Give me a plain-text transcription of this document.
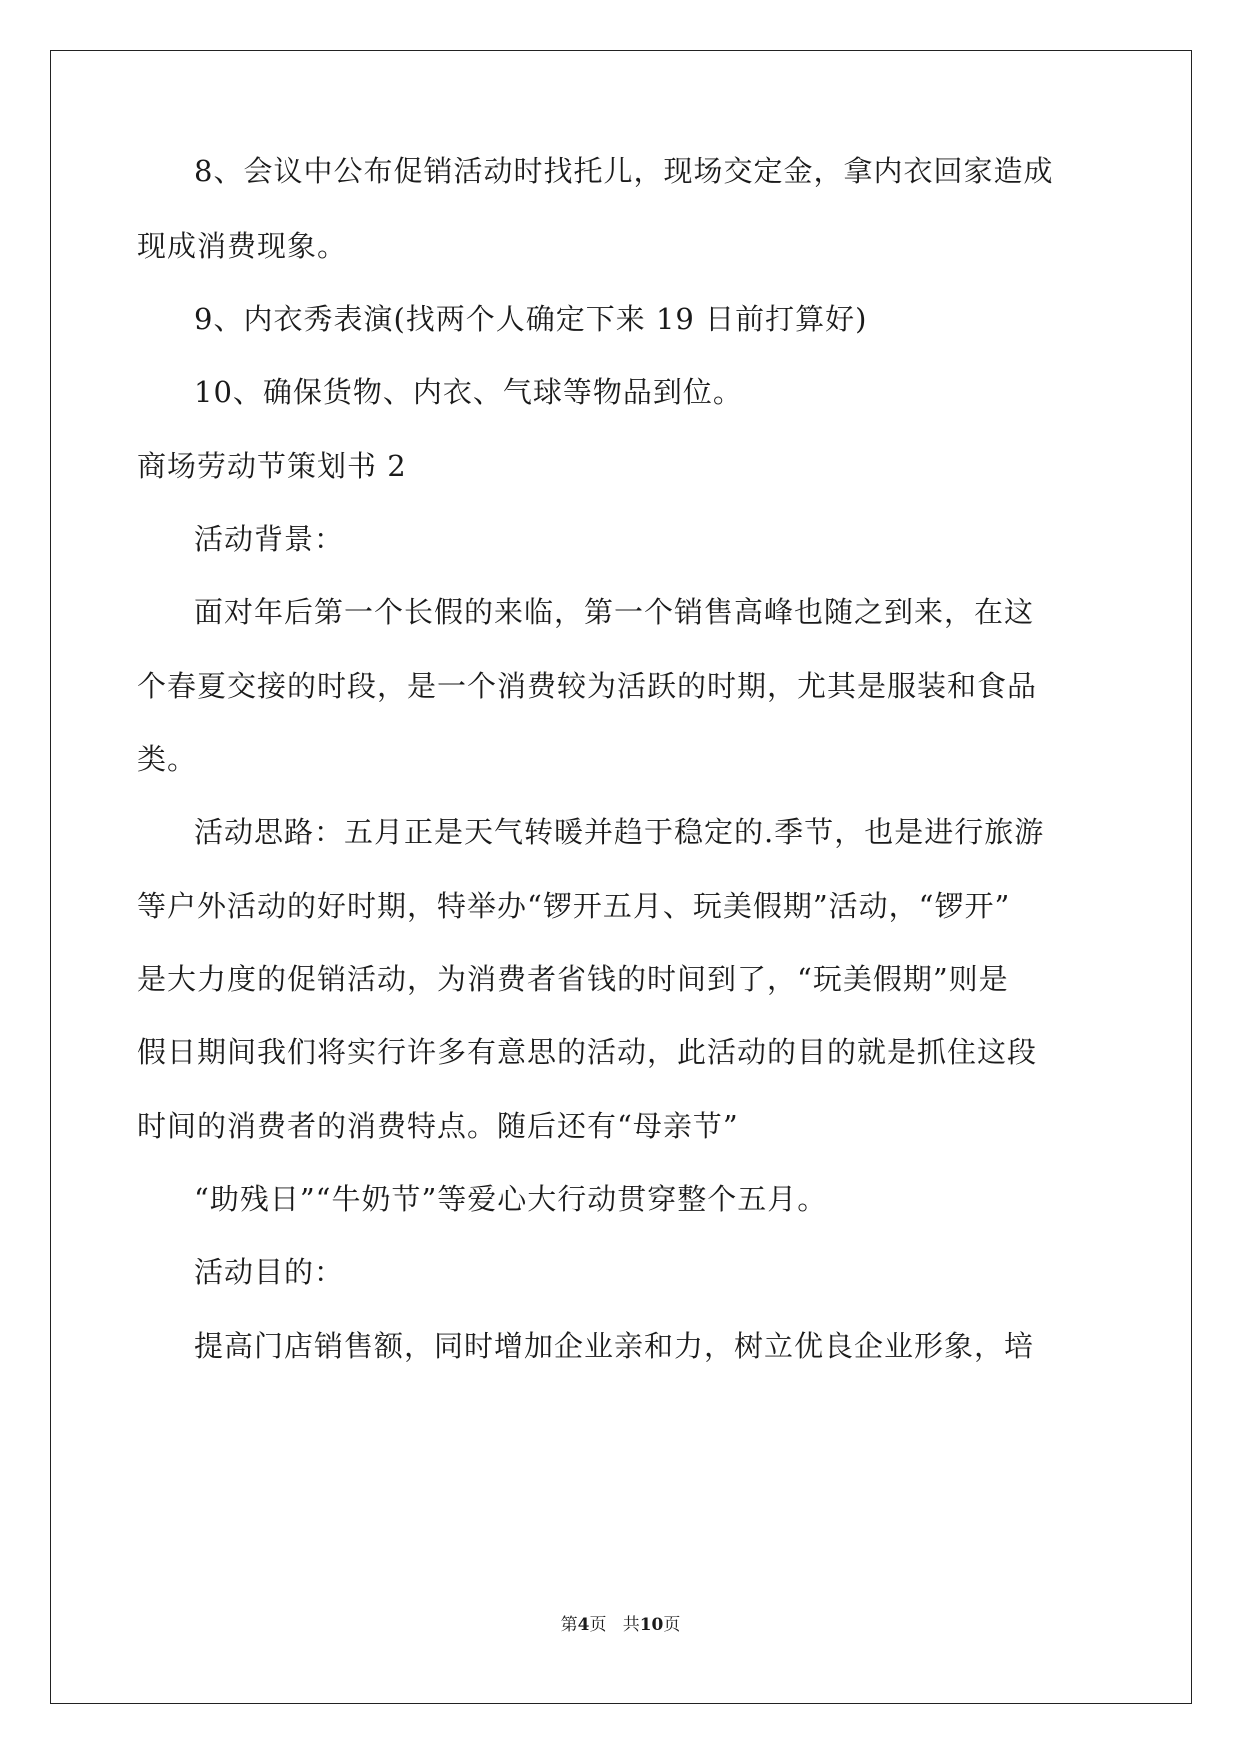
8、会议中公布促销活动时找托儿，现场交定金，拿内衣回家造成
现成消费现象。
9、内衣秀表演(找两个人确定下来 19 日前打算好)
10、确保货物、内衣、气球等物品到位。
商场劳动节策划书 2
活动背景：
面对年后第一个长假的来临，第一个销售高峰也随之到来，在这
个春夏交接的时段，是一个消费较为活跃的时期，尤其是服装和食品
类。
活动思路：五月正是天气转暖并趋于稳定的.季节，也是进行旅游
等户外活动的好时期，特举办“锣开五月、玩美假期”活动，“锣开”
是大力度的促销活动，为消费者省钱的时间到了，“玩美假期”则是
假日期间我们将实行许多有意思的活动，此活动的目的就是抓住这段
时间的消费者的消费特点。随后还有“母亲节”
“助残日”“牛奶节”等爱心大行动贯穿整个五月。
活动目的：
提高门店销售额，同时增加企业亲和力，树立优良企业形象，培
第4页 共10页
